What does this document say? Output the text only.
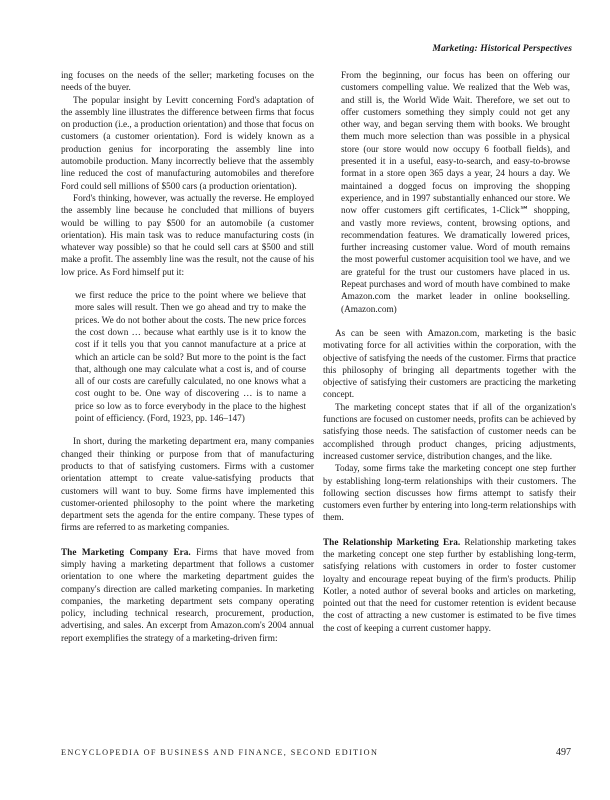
Marketing: Historical Perspectives

ing focuses on the needs of the seller; marketing focuses on the needs of the buyer.

The popular insight by Levitt concerning Ford's adaptation of the assembly line illustrates the difference between firms that focus on production (i.e., a production orientation) and those that focus on customers (a customer orientation). Ford is widely known as a production genius for incorporating the assembly line into automobile production. Many incorrectly believe that the assembly line reduced the cost of manufacturing automobiles and therefore Ford could sell millions of $500 cars (a production orientation).

Ford's thinking, however, was actually the reverse. He employed the assembly line because he concluded that millions of buyers would be willing to pay $500 for an automobile (a customer orientation). His main task was to reduce manufacturing costs (in whatever way possible) so that he could sell cars at $500 and still make a profit. The assembly line was the result, not the cause of his low price. As Ford himself put it:

we first reduce the price to the point where we believe that more sales will result. Then we go ahead and try to make the prices. We do not bother about the costs. The new price forces the cost down … because what earthly use is it to know the cost if it tells you that you cannot manufacture at a price at which an article can be sold? But more to the point is the fact that, although one may calculate what a cost is, and of course all of our costs are carefully calculated, no one knows what a cost ought to be. One way of discovering … is to name a price so low as to force everybody in the place to the highest point of efficiency. (Ford, 1923, pp. 146–147)

In short, during the marketing department era, many companies changed their thinking or purpose from that of manufacturing products to that of satisfying customers. Firms with a customer orientation attempt to create value-satisfying products that customers will want to buy. Some firms have implemented this customer-oriented philosophy to the point where the marketing department sets the agenda for the entire company. These types of firms are referred to as marketing companies.

The Marketing Company Era. Firms that have moved from simply having a marketing department that follows a customer orientation to one where the marketing department guides the company's direction are called marketing companies. In marketing companies, the marketing department sets company operating policy, including technical research, procurement, production, advertising, and sales. An excerpt from Amazon.com's 2004 annual report exemplifies the strategy of a marketing-driven firm:

From the beginning, our focus has been on offering our customers compelling value. We realized that the Web was, and still is, the World Wide Wait. Therefore, we set out to offer customers something they simply could not get any other way, and began serving them with books. We brought them much more selection than was possible in a physical store (our store would now occupy 6 football fields), and presented it in a useful, easy-to-search, and easy-to-browse format in a store open 365 days a year, 24 hours a day. We maintained a dogged focus on improving the shopping experience, and in 1997 substantially enhanced our store. We now offer customers gift certificates, 1-Click℠ shopping, and vastly more reviews, content, browsing options, and recommendation features. We dramatically lowered prices, further increasing customer value. Word of mouth remains the most powerful customer acquisition tool we have, and we are grateful for the trust our customers have placed in us. Repeat purchases and word of mouth have combined to make Amazon.com the market leader in online bookselling. (Amazon.com)

As can be seen with Amazon.com, marketing is the basic motivating force for all activities within the corporation, with the objective of satisfying the needs of the customer. Firms that practice this philosophy of bringing all departments together with the objective of satisfying their customers are practicing the marketing concept.

The marketing concept states that if all of the organization's functions are focused on customer needs, profits can be achieved by satisfying those needs. The satisfaction of customer needs can be accomplished through product changes, pricing adjustments, increased customer service, distribution changes, and the like.

Today, some firms take the marketing concept one step further by establishing long-term relationships with their customers. The following section discusses how firms attempt to satisfy their customers even further by entering into long-term relationships with them.

The Relationship Marketing Era. Relationship marketing takes the marketing concept one step further by establishing long-term, satisfying relations with customers in order to foster customer loyalty and encourage repeat buying of the firm's products. Philip Kotler, a noted author of several books and articles on marketing, pointed out that the need for customer retention is evident because the cost of attracting a new customer is estimated to be five times the cost of keeping a current customer happy.

ENCYCLOPEDIA OF BUSINESS AND FINANCE, SECOND EDITION	497
